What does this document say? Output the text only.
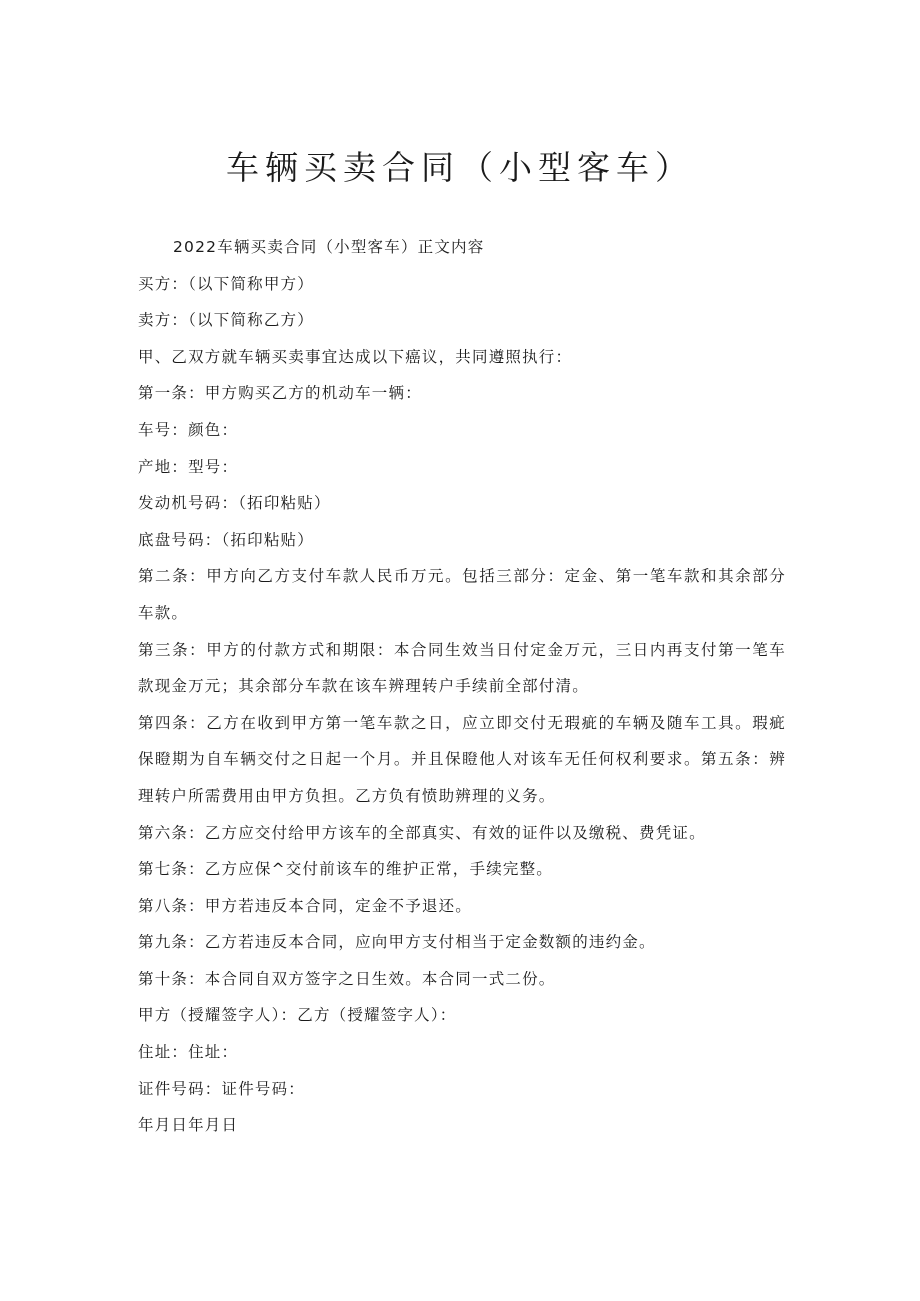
车辆买卖合同（小型客车）

2022车辆买卖合同（小型客车）正文内容

买方：（以下简称甲方）

卖方：（以下简称乙方）

甲、乙双方就车辆买卖事宜达成以下癌议，共同遵照执行：

第一条：甲方购买乙方的机动车一辆：

车号：颜色：

产地：型号：

发动机号码：（拓印粘贴）

底盘号码：（拓印粘贴）

第二条：甲方向乙方支付车款人民币万元。包括三部分：定金、第一笔车款和其余部分车款。

第三条：甲方的付款方式和期限：本合同生效当日付定金万元，三日内再支付第一笔车款现金万元；其余部分车款在该车辨理转户手续前全部付清。

第四条：乙方在收到甲方第一笔车款之日，应立即交付无瑕疵的车辆及随车工具。瑕疵保瞪期为自车辆交付之日起一个月。并且保瞪他人对该车无任何权利要求。第五条：辨理转户所需费用由甲方负担。乙方负有愤助辨理的义务。

第六条：乙方应交付给甲方该车的全部真实、有效的证件以及缴税、费凭证。

第七条：乙方应保^交付前该车的维护正常，手续完整。

第八条：甲方若违反本合同，定金不予退还。

第九条：乙方若违反本合同，应向甲方支付相当于定金数额的违约金。

第十条：本合同自双方签字之日生效。本合同一式二份。

甲方（授耀签字人）：乙方（授耀签字人）：

住址：住址：

证件号码：证件号码：

年月日年月日
